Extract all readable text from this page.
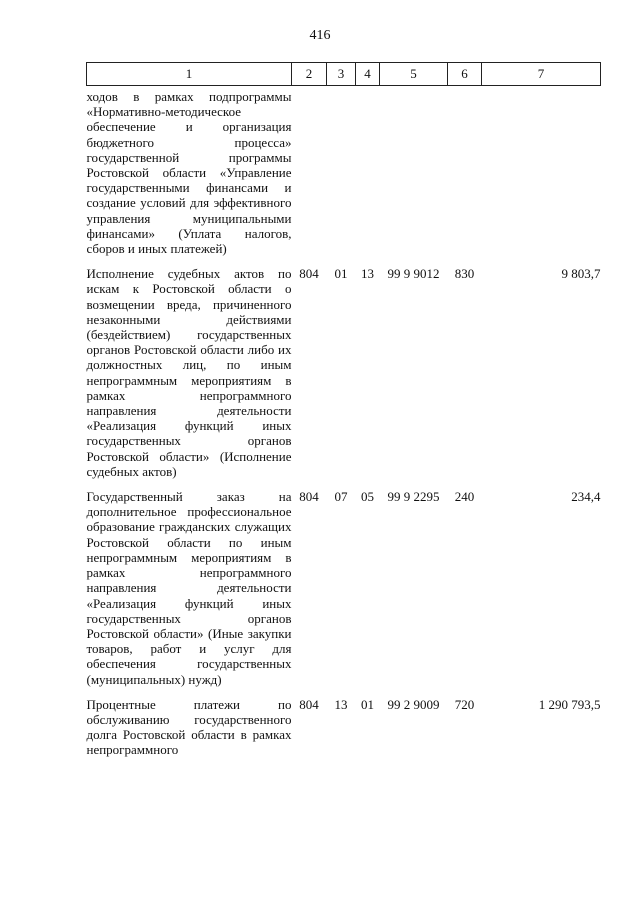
416
1	2	3	4	5	6	7
ходов в рамках подпрограммы «Нормативно-методическое обеспечение и организация бюджетного процесса» государственной программы Ростовской области «Управление государственными финансами и создание условий для эффективного управления муниципальными финансами» (Уплата налогов, сборов и иных платежей)						
Исполнение судебных актов по искам к Ростовской области о возмещении вреда, причиненного незаконными действиями (бездействием) государственных органов Ростовской области либо их должностных лиц, по иным непрограммным мероприятиям в рамках непрограммного направления деятельности «Реализация функций иных государственных органов Ростовской области» (Исполнение судебных актов)	804	01	13	99 9 9012	830	9 803,7
Государственный заказ на дополнительное профессиональное образование гражданских служащих Ростовской области по иным непрограммным мероприятиям в рамках непрограммного направления деятельности «Реализация функций иных государственных органов Ростовской области» (Иные закупки товаров, работ и услуг для обеспечения государственных (муниципальных) нужд)	804	07	05	99 9 2295	240	234,4
Процентные платежи по обслуживанию государственного долга Ростовской области в рамках непрограммного	804	13	01	99 2 9009	720	1 290 793,5
